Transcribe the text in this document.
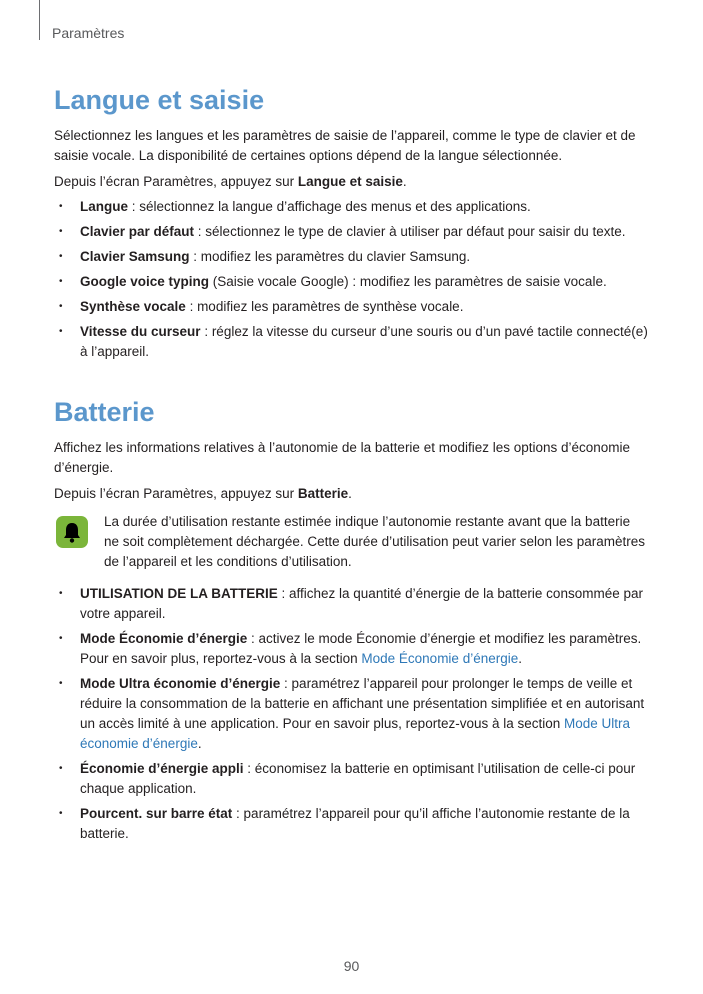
Paramètres
Langue et saisie

Sélectionnez les langues et les paramètres de saisie de l’appareil, comme le type de clavier et de saisie vocale. La disponibilité de certaines options dépend de la langue sélectionnée.

Depuis l’écran Paramètres, appuyez sur Langue et saisie.

• Langue : sélectionnez la langue d’affichage des menus et des applications.
• Clavier par défaut : sélectionnez le type de clavier à utiliser par défaut pour saisir du texte.
• Clavier Samsung : modifiez les paramètres du clavier Samsung.
• Google voice typing (Saisie vocale Google) : modifiez les paramètres de saisie vocale.
• Synthèse vocale : modifiez les paramètres de synthèse vocale.
• Vitesse du curseur : réglez la vitesse du curseur d’une souris ou d’un pavé tactile connecté(e) à l’appareil.
Batterie

Affichez les informations relatives à l’autonomie de la batterie et modifiez les options d’économie d’énergie.

Depuis l’écran Paramètres, appuyez sur Batterie.

La durée d’utilisation restante estimée indique l’autonomie restante avant que la batterie ne soit complètement déchargée. Cette durée d’utilisation peut varier selon les paramètres de l’appareil et les conditions d’utilisation.

• UTILISATION DE LA BATTERIE : affichez la quantité d’énergie de la batterie consommée par votre appareil.
• Mode Économie d’énergie : activez le mode Économie d’énergie et modifiez les paramètres. Pour en savoir plus, reportez-vous à la section Mode Économie d’énergie.
• Mode Ultra économie d’énergie : paramétrez l’appareil pour prolonger le temps de veille et réduire la consommation de la batterie en affichant une présentation simplifiée et en autorisant un accès limité à une application. Pour en savoir plus, reportez-vous à la section Mode Ultra économie d’énergie.
• Économie d’énergie appli : économisez la batterie en optimisant l’utilisation de celle-ci pour chaque application.
• Pourcent. sur barre état : paramétrez l’appareil pour qu’il affiche l’autonomie restante de la batterie.
90
